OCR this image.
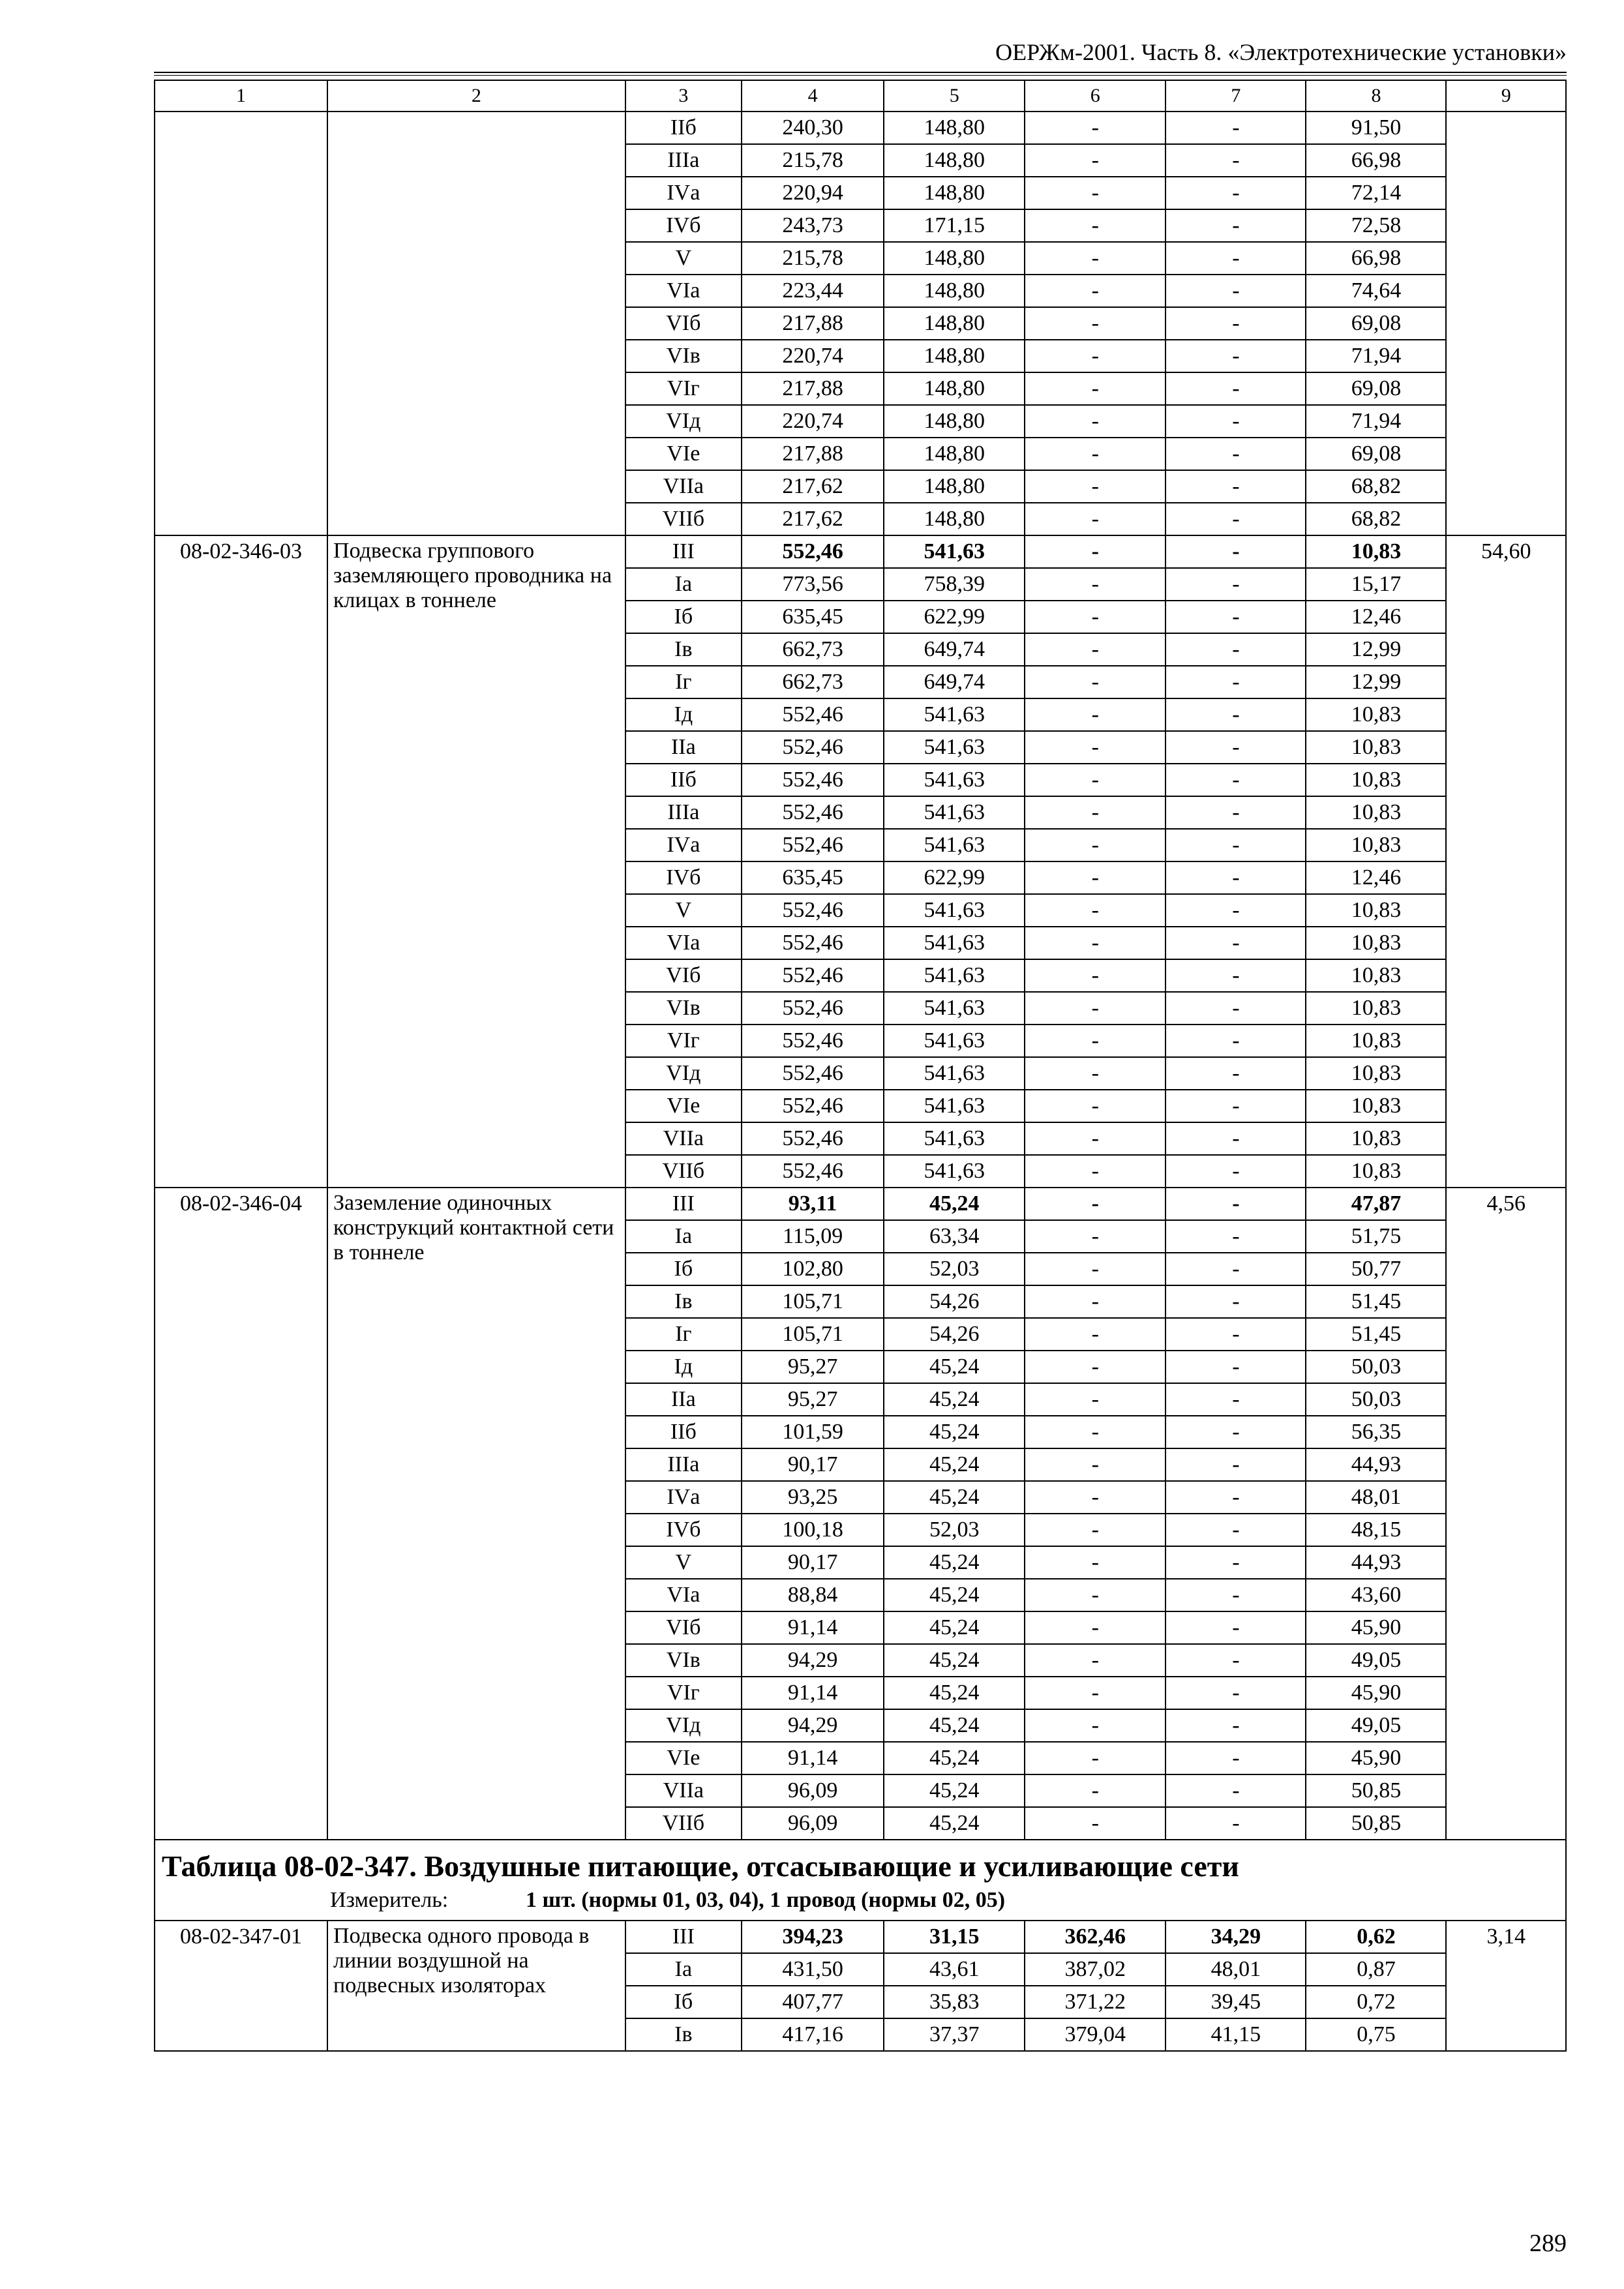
ОЕРЖм-2001. Часть 8. «Электротехнические установки»
1	2	3	4	5	6	7	8	9
		IIб	240,30	148,80	-	-	91,50	
		IIIа	215,78	148,80	-	-	66,98	
		IVа	220,94	148,80	-	-	72,14	
		IVб	243,73	171,15	-	-	72,58	
		V	215,78	148,80	-	-	66,98	
		VIа	223,44	148,80	-	-	74,64	
		VIб	217,88	148,80	-	-	69,08	
		VIв	220,74	148,80	-	-	71,94	
		VIг	217,88	148,80	-	-	69,08	
		VIд	220,74	148,80	-	-	71,94	
		VIе	217,88	148,80	-	-	69,08	
		VIIа	217,62	148,80	-	-	68,82	
		VIIб	217,62	148,80	-	-	68,82	
08-02-346-03	Подвеска группового заземляющего проводника на клицах в тоннеле	III	552,46	541,63	-	-	10,83	54,60
		Iа	773,56	758,39	-	-	15,17	
		Iб	635,45	622,99	-	-	12,46	
		Iв	662,73	649,74	-	-	12,99	
		Iг	662,73	649,74	-	-	12,99	
		Iд	552,46	541,63	-	-	10,83	
		IIа	552,46	541,63	-	-	10,83	
		IIб	552,46	541,63	-	-	10,83	
		IIIа	552,46	541,63	-	-	10,83	
		IVа	552,46	541,63	-	-	10,83	
		IVб	635,45	622,99	-	-	12,46	
		V	552,46	541,63	-	-	10,83	
		VIа	552,46	541,63	-	-	10,83	
		VIб	552,46	541,63	-	-	10,83	
		VIв	552,46	541,63	-	-	10,83	
		VIг	552,46	541,63	-	-	10,83	
		VIд	552,46	541,63	-	-	10,83	
		VIе	552,46	541,63	-	-	10,83	
		VIIа	552,46	541,63	-	-	10,83	
		VIIб	552,46	541,63	-	-	10,83	
08-02-346-04	Заземление одиночных конструкций контактной сети в тоннеле	III	93,11	45,24	-	-	47,87	4,56
		Iа	115,09	63,34	-	-	51,75	
		Iб	102,80	52,03	-	-	50,77	
		Iв	105,71	54,26	-	-	51,45	
		Iг	105,71	54,26	-	-	51,45	
		Iд	95,27	45,24	-	-	50,03	
		IIа	95,27	45,24	-	-	50,03	
		IIб	101,59	45,24	-	-	56,35	
		IIIа	90,17	45,24	-	-	44,93	
		IVа	93,25	45,24	-	-	48,01	
		IVб	100,18	52,03	-	-	48,15	
		V	90,17	45,24	-	-	44,93	
		VIа	88,84	45,24	-	-	43,60	
		VIб	91,14	45,24	-	-	45,90	
		VIв	94,29	45,24	-	-	49,05	
		VIг	91,14	45,24	-	-	45,90	
		VIд	94,29	45,24	-	-	49,05	
		VIе	91,14	45,24	-	-	45,90	
		VIIа	96,09	45,24	-	-	50,85	
		VIIб	96,09	45,24	-	-	50,85	

Таблица 08-02-347. Воздушные питающие, отсасывающие и усиливающие сети
Измеритель: 1 шт. (нормы 01, 03, 04), 1 провод (нормы 02, 05)								

08-02-347-01	Подвеска одного провода в линии воздушной на подвесных изоляторах	III	394,23	31,15	362,46	34,29	0,62	3,14
		Iа	431,50	43,61	387,02	48,01	0,87	
		Iб	407,77	35,83	371,22	39,45	0,72	
		Iв	417,16	37,37	379,04	41,15	0,75	
289
